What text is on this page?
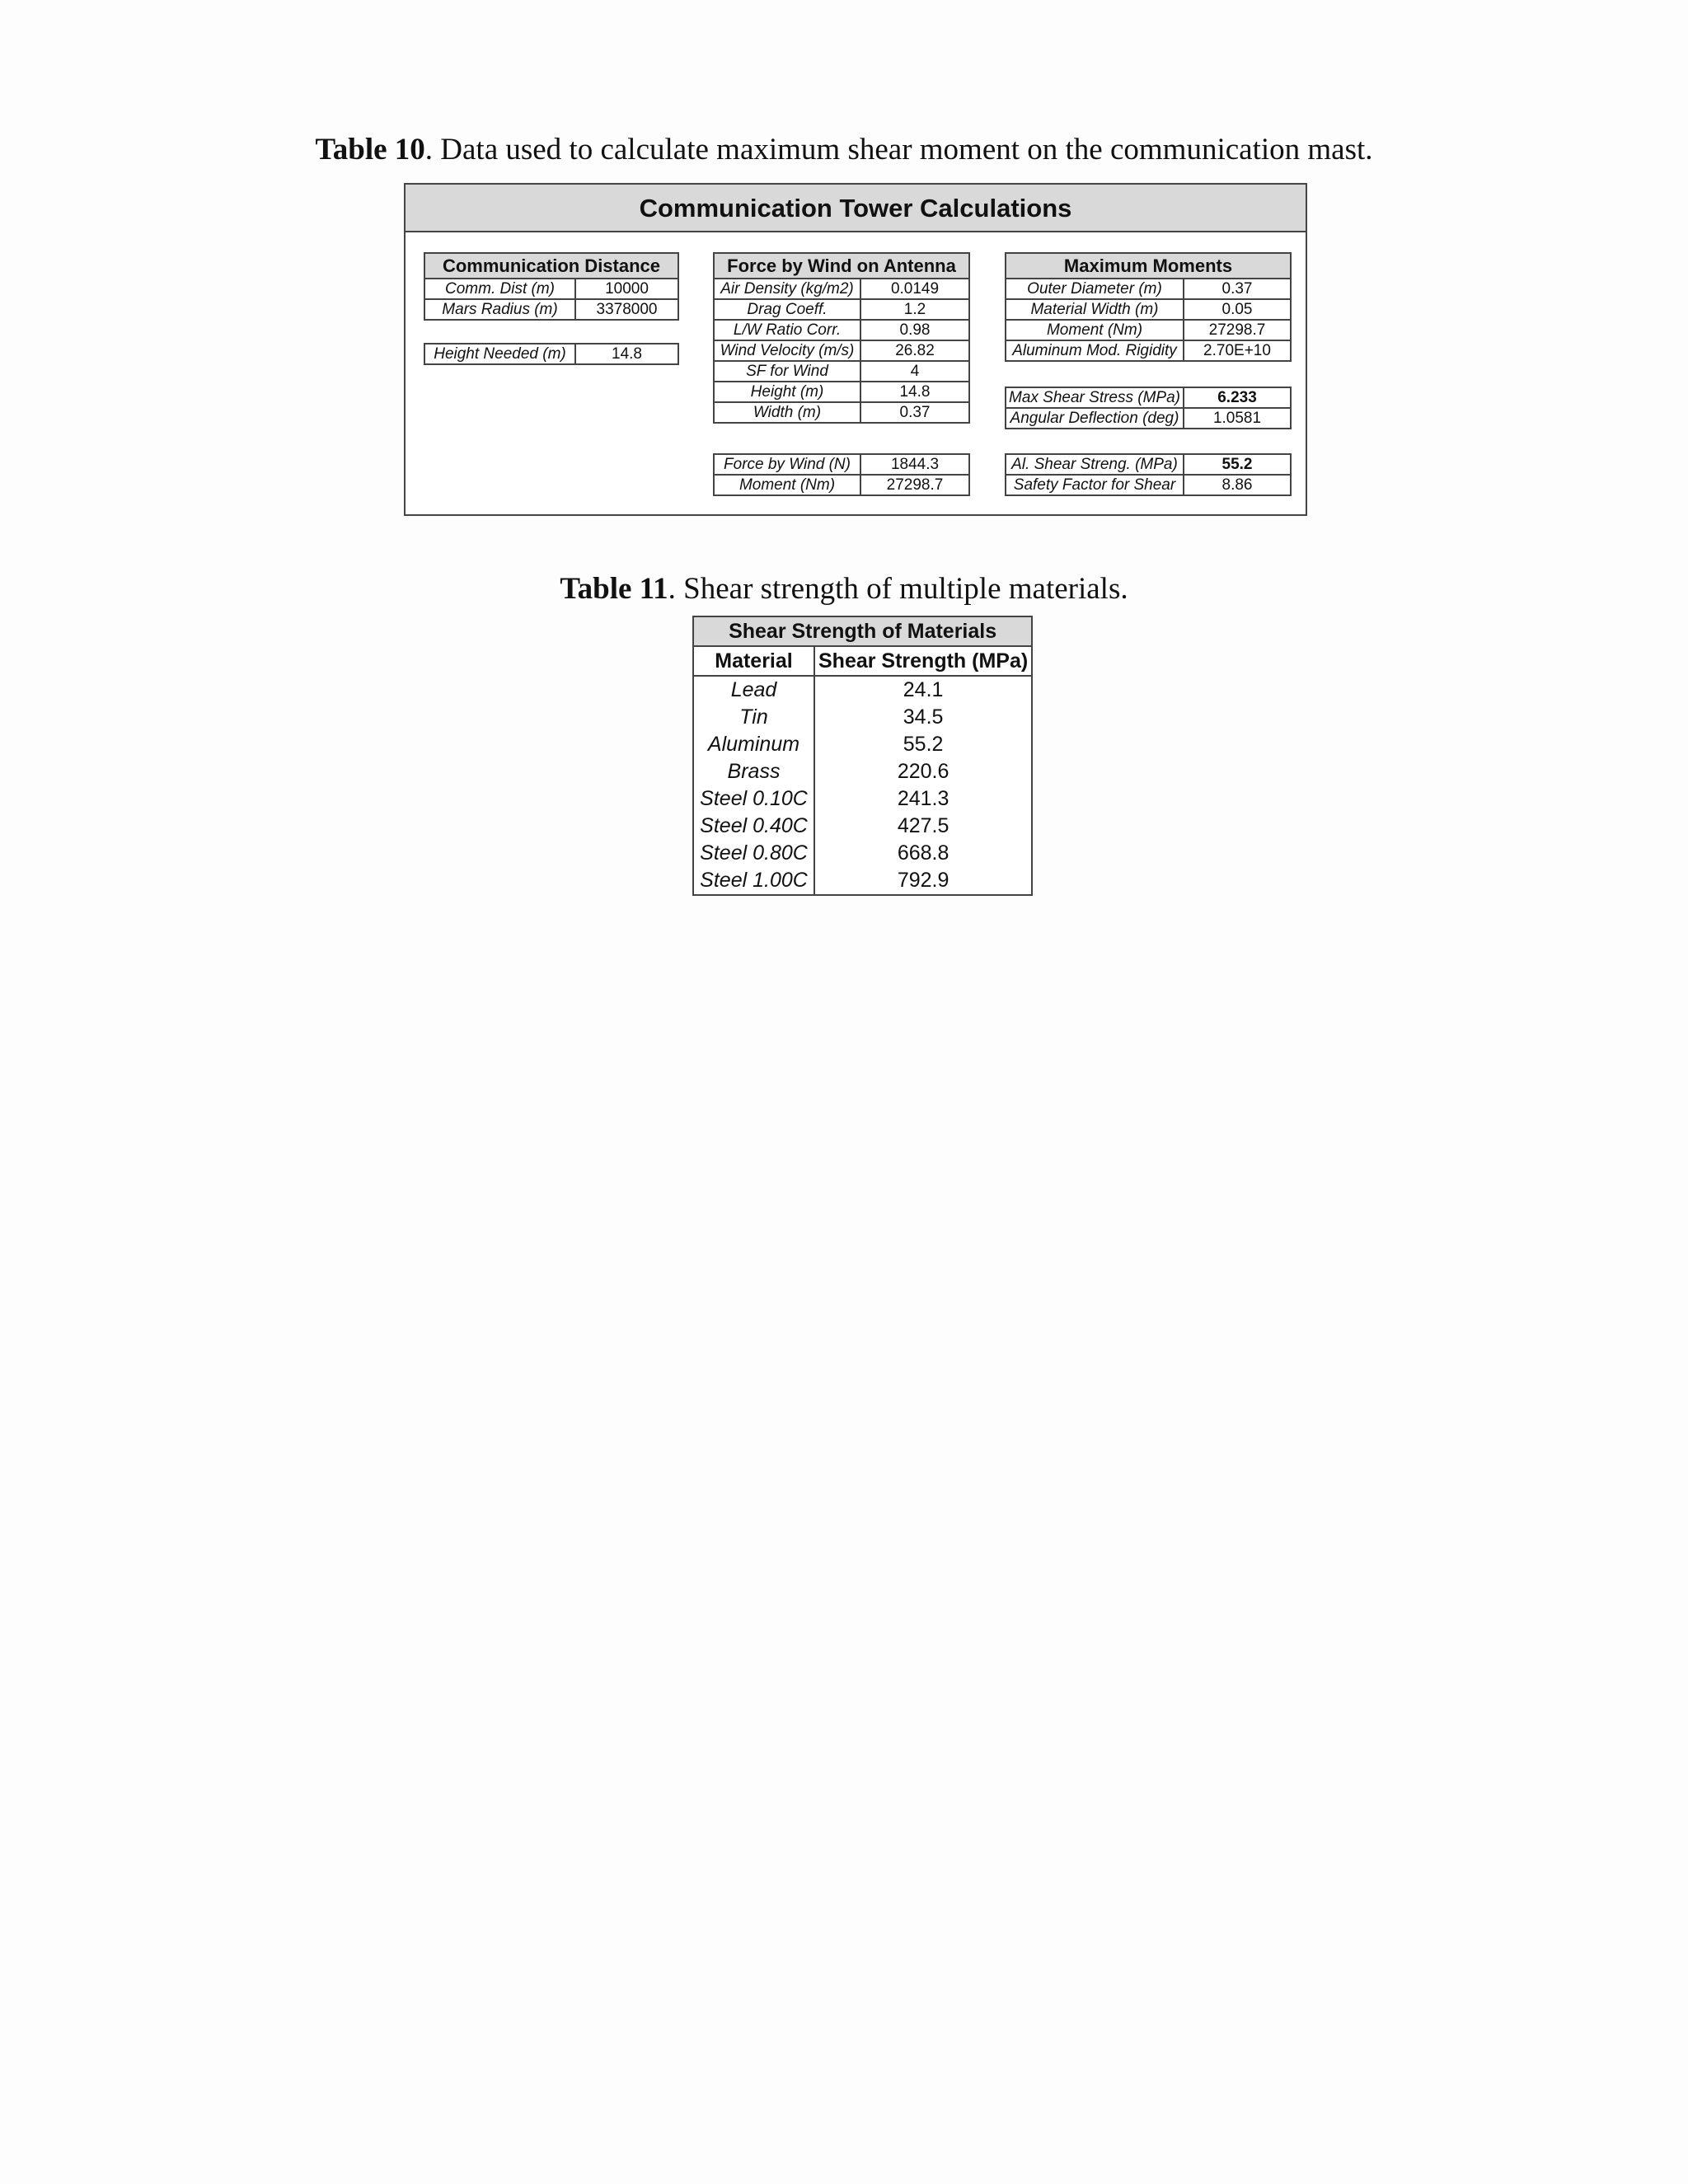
Table 10. Data used to calculate maximum shear moment on the communication mast.
Communication Tower Calculations
Communication Distance	
Comm. Dist (m)	10000
Mars Radius (m)	3378000
Height Needed (m)	14.8
Force by Wind on Antenna	
Air Density (kg/m2)	0.0149
Drag Coeff.	1.2
L/W Ratio Corr.	0.98
Wind Velocity (m/s)	26.82
SF for Wind	4
Height (m)	14.8
Width (m)	0.37
Force by Wind (N)	1844.3
Moment (Nm)	27298.7
Maximum Moments	
Outer Diameter (m)	0.37
Material Width (m)	0.05
Moment (Nm)	27298.7
Aluminum Mod. Rigidity	2.70E+10
Max Shear Stress (MPa)	6.233
Angular Deflection (deg)	1.0581
Al. Shear Streng. (MPa)	55.2
Safety Factor for Shear	8.86
Table 11. Shear strength of multiple materials.
Shear Strength of Materials	
Material	Shear Strength (MPa)
Lead	24.1
Tin	34.5
Aluminum	55.2
Brass	220.6
Steel 0.10C	241.3
Steel 0.40C	427.5
Steel 0.80C	668.8
Steel 1.00C	792.9
